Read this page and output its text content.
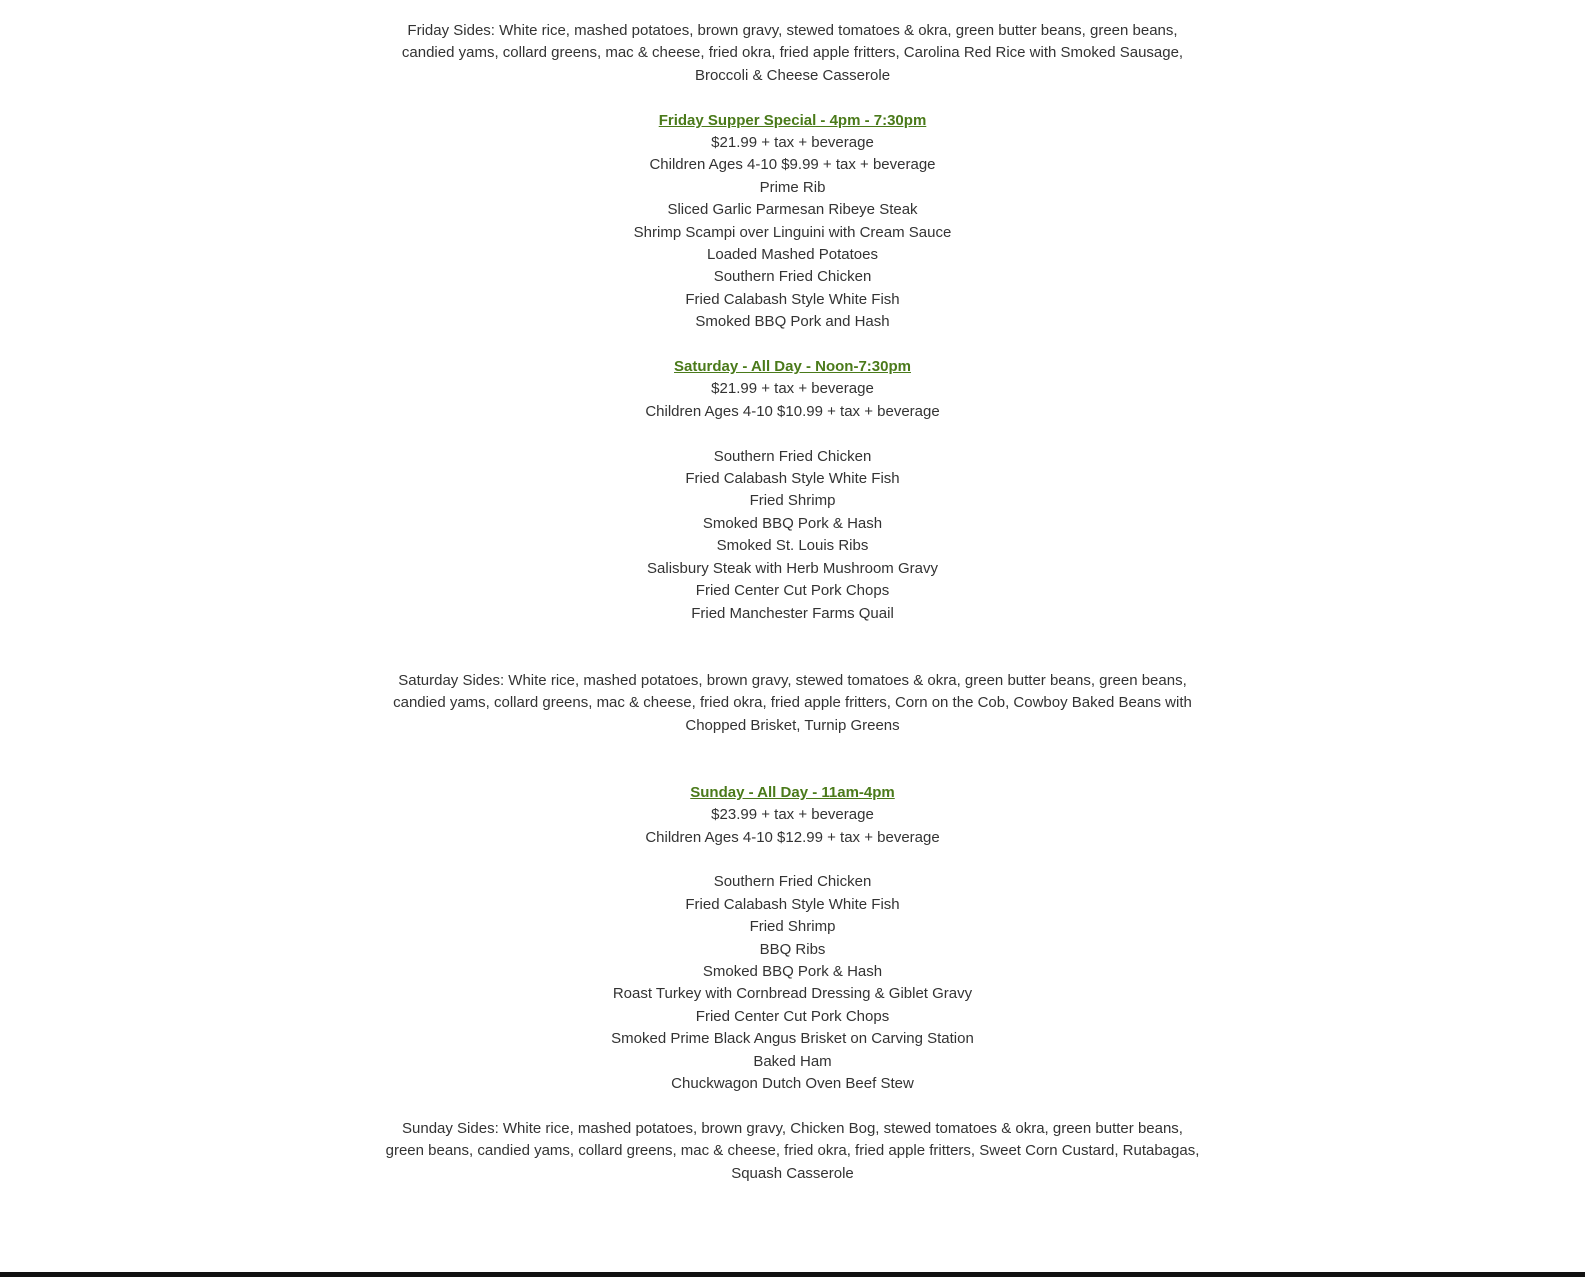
Friday Sides: White rice, mashed potatoes, brown gravy, stewed tomatoes & okra, green butter beans, green beans, candied yams, collard greens, mac & cheese, fried okra, fried apple fritters, Carolina Red Rice with Smoked Sausage, Broccoli & Cheese Casserole
Friday Supper Special - 4pm - 7:30pm
$21.99 + tax + beverage
Children Ages 4-10 $9.99 + tax + beverage
Prime Rib
Sliced Garlic Parmesan Ribeye Steak
Shrimp Scampi over Linguini with Cream Sauce
Loaded Mashed Potatoes
Southern Fried Chicken
Fried Calabash Style White Fish
Smoked BBQ Pork and Hash
Saturday - All Day - Noon-7:30pm
$21.99 + tax + beverage
Children Ages 4-10 $10.99 + tax + beverage
Southern Fried Chicken
Fried Calabash Style White Fish
Fried Shrimp
Smoked BBQ Pork & Hash
Smoked St. Louis Ribs
Salisbury Steak with Herb Mushroom Gravy
Fried Center Cut Pork Chops
Fried Manchester Farms Quail
Saturday Sides: White rice, mashed potatoes, brown gravy, stewed tomatoes & okra, green butter beans, green beans, candied yams, collard greens, mac & cheese, fried okra, fried apple fritters, Corn on the Cob, Cowboy Baked Beans with Chopped Brisket, Turnip Greens
Sunday - All Day - 11am-4pm
$23.99 + tax + beverage
Children Ages 4-10 $12.99 + tax + beverage
Southern Fried Chicken
Fried Calabash Style White Fish
Fried Shrimp
BBQ Ribs
Smoked BBQ Pork & Hash
Roast Turkey with Cornbread Dressing & Giblet Gravy
Fried Center Cut Pork Chops
Smoked Prime Black Angus Brisket on Carving Station
Baked Ham
Chuckwagon Dutch Oven Beef Stew
Sunday Sides: White rice, mashed potatoes, brown gravy, Chicken Bog, stewed tomatoes & okra, green butter beans, green beans, candied yams, collard greens, mac & cheese, fried okra, fried apple fritters, Sweet Corn Custard, Rutabagas, Squash Casserole
